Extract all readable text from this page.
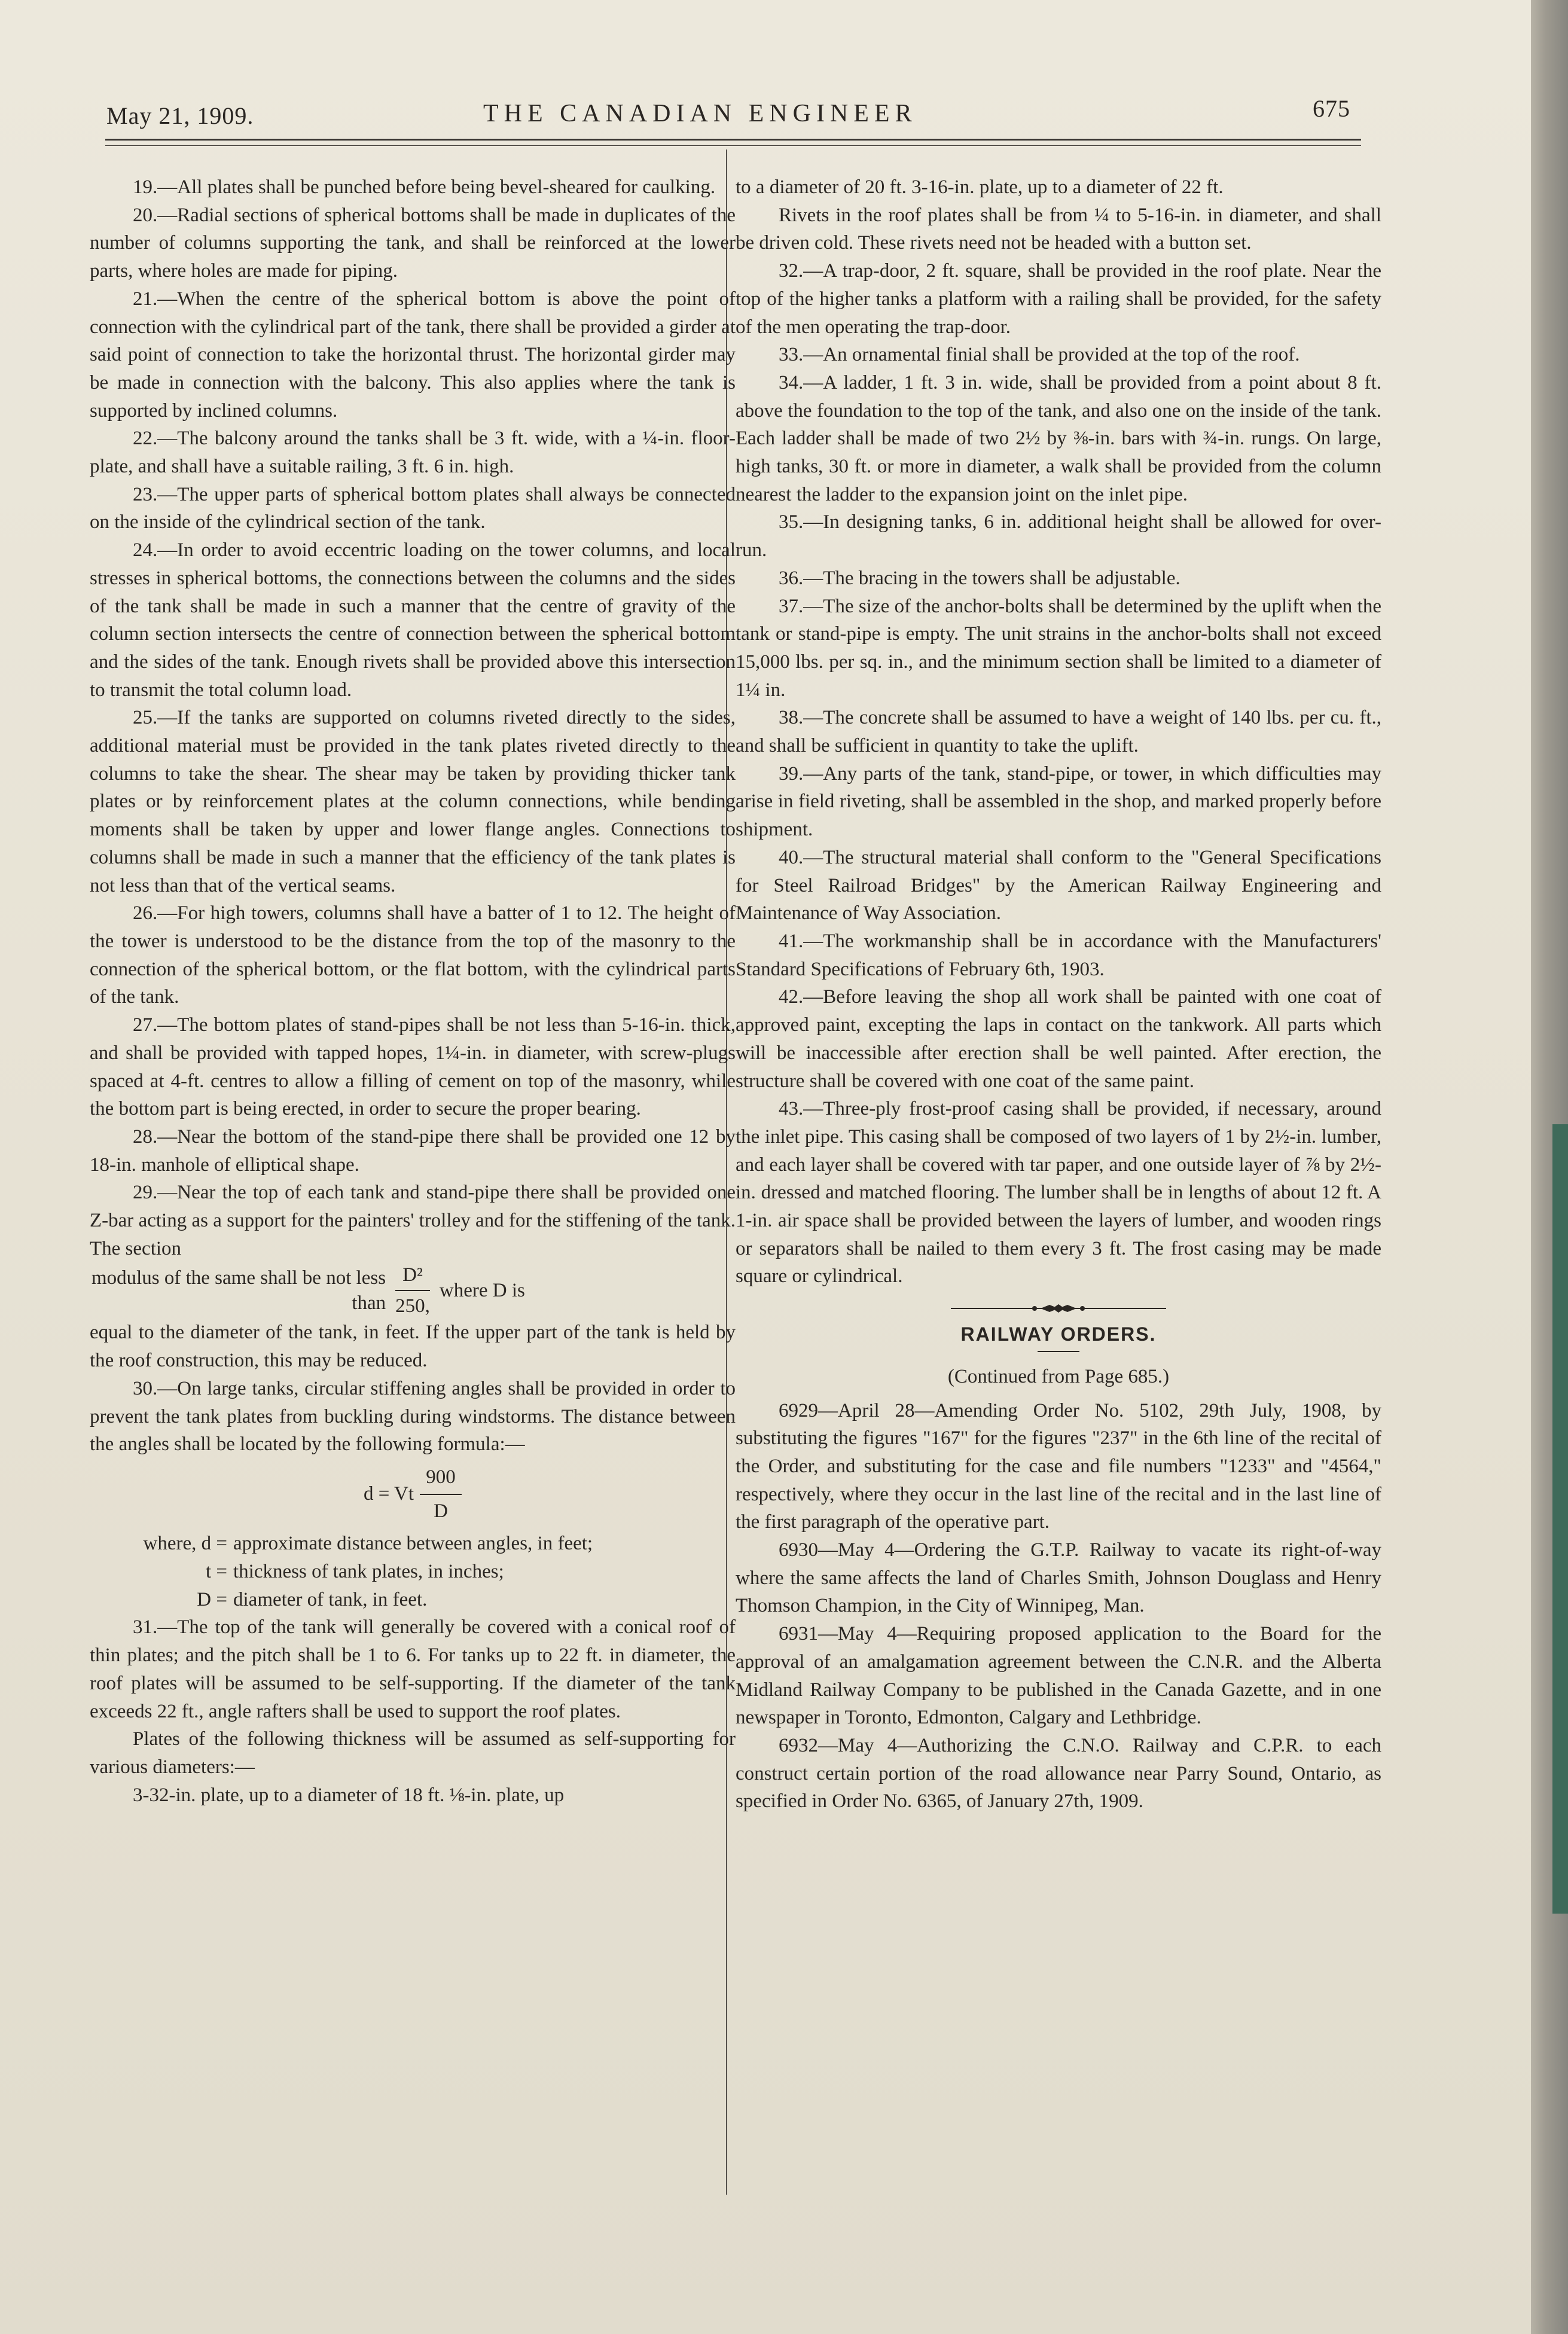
May 21, 1909.	THE CANADIAN ENGINEER	675

19.—All plates shall be punched before being bevel-sheared for caulking.

20.—Radial sections of spherical bottoms shall be made in duplicates of the number of columns supporting the tank, and shall be reinforced at the lower parts, where holes are made for piping.

21.—When the centre of the spherical bottom is above the point of connection with the cylindrical part of the tank, there shall be provided a girder at said point of connection to take the horizontal thrust. The horizontal girder may be made in connection with the balcony. This also applies where the tank is supported by inclined columns.

22.—The balcony around the tanks shall be 3 ft. wide, with a ¼-in. floor-plate, and shall have a suitable railing, 3 ft. 6 in. high.

23.—The upper parts of spherical bottom plates shall always be connected on the inside of the cylindrical section of the tank.

24.—In order to avoid eccentric loading on the tower columns, and local stresses in spherical bottoms, the connections between the columns and the sides of the tank shall be made in such a manner that the centre of gravity of the column section intersects the centre of connection between the spherical bottom and the sides of the tank. Enough rivets shall be provided above this intersection to transmit the total column load.

25.—If the tanks are supported on columns riveted directly to the sides, additional material must be provided in the tank plates riveted directly to the columns to take the shear. The shear may be taken by providing thicker tank plates or by reinforcement plates at the column connections, while bending moments shall be taken by upper and lower flange angles. Connections to columns shall be made in such a manner that the efficiency of the tank plates is not less than that of the vertical seams.

26.—For high towers, columns shall have a batter of 1 to 12. The height of the tower is understood to be the distance from the top of the masonry to the connection of the spherical bottom, or the flat bottom, with the cylindrical parts of the tank.

27.—The bottom plates of stand-pipes shall be not less than 5-16-in. thick, and shall be provided with tapped hopes, 1¼-in. in diameter, with screw-plugs spaced at 4-ft. centres to allow a filling of cement on top of the masonry, while the bottom part is being erected, in order to secure the proper bearing.

28.—Near the bottom of the stand-pipe there shall be provided one 12 by 18-in. manhole of elliptical shape.

29.—Near the top of each tank and stand-pipe there shall be provided one Z-bar acting as a support for the painters' trolley and for the stiffening of the tank. The section

modulus of the same shall be not less than $\frac{\text{D²}}{250,}$ where D is

equal to the diameter of the tank, in feet. If the upper part of the tank is held by the roof construction, this may be reduced.

30.—On large tanks, circular stiffening angles shall be provided in order to prevent the tank plates from buckling during windstorms. The distance between the angles shall be located by the following formula:—

d = Vt $\frac{900}{D}$
where, d = approximate distance between angles, in feet;
t = thickness of tank plates, in inches;
D = diameter of tank, in feet.

31.—The top of the tank will generally be covered with a conical roof of thin plates; and the pitch shall be 1 to 6. For tanks up to 22 ft. in diameter, the roof plates will be assumed to be self-supporting. If the diameter of the tank exceeds 22 ft., angle rafters shall be used to support the roof plates.

Plates of the following thickness will be assumed as self-supporting for various diameters:—

3-32-in. plate, up to a diameter of 18 ft. ⅛-in. plate, up

to a diameter of 20 ft. 3-16-in. plate, up to a diameter of 22 ft.

Rivets in the roof plates shall be from ¼ to 5-16-in. in diameter, and shall be driven cold. These rivets need not be headed with a button set.

32.—A trap-door, 2 ft. square, shall be provided in the roof plate. Near the top of the higher tanks a platform with a railing shall be provided, for the safety of the men operating the trap-door.

33.—An ornamental finial shall be provided at the top of the roof.

34.—A ladder, 1 ft. 3 in. wide, shall be provided from a point about 8 ft. above the foundation to the top of the tank, and also one on the inside of the tank. Each ladder shall be made of two 2½ by ⅜-in. bars with ¾-in. rungs. On large, high tanks, 30 ft. or more in diameter, a walk shall be provided from the column nearest the ladder to the expansion joint on the inlet pipe.

35.—In designing tanks, 6 in. additional height shall be allowed for over-run.

36.—The bracing in the towers shall be adjustable.

37.—The size of the anchor-bolts shall be determined by the uplift when the tank or stand-pipe is empty. The unit strains in the anchor-bolts shall not exceed 15,000 lbs. per sq. in., and the minimum section shall be limited to a diameter of 1¼ in.

38.—The concrete shall be assumed to have a weight of 140 lbs. per cu. ft., and shall be sufficient in quantity to take the uplift.

39.—Any parts of the tank, stand-pipe, or tower, in which difficulties may arise in field riveting, shall be assembled in the shop, and marked properly before shipment.

40.—The structural material shall conform to the "General Specifications for Steel Railroad Bridges" by the American Railway Engineering and Maintenance of Way Association.

41.—The workmanship shall be in accordance with the Manufacturers' Standard Specifications of February 6th, 1903.

42.—Before leaving the shop all work shall be painted with one coat of approved paint, excepting the laps in contact on the tankwork. All parts which will be inaccessible after erection shall be well painted. After erection, the structure shall be covered with one coat of the same paint.

43.—Three-ply frost-proof casing shall be provided, if necessary, around the inlet pipe. This casing shall be composed of two layers of 1 by 2½-in. lumber, and each layer shall be covered with tar paper, and one outside layer of ⅞ by 2½-in. dressed and matched flooring. The lumber shall be in lengths of about 12 ft. A 1-in. air space shall be provided between the layers of lumber, and wooden rings or separators shall be nailed to them every 3 ft. The frost casing may be made square or cylindrical.

RAILWAY ORDERS.
(Continued from Page 685.)

6929—April 28—Amending Order No. 5102, 29th July, 1908, by substituting the figures "167" for the figures "237" in the 6th line of the recital of the Order, and substituting for the case and file numbers "1233" and "4564," respectively, where they occur in the last line of the recital and in the last line of the first paragraph of the operative part.

6930—May 4—Ordering the G.T.P. Railway to vacate its right-of-way where the same affects the land of Charles Smith, Johnson Douglass and Henry Thomson Champion, in the City of Winnipeg, Man.

6931—May 4—Requiring proposed application to the Board for the approval of an amalgamation agreement between the C.N.R. and the Alberta Midland Railway Company to be published in the Canada Gazette, and in one newspaper in Toronto, Edmonton, Calgary and Lethbridge.

6932—May 4—Authorizing the C.N.O. Railway and C.P.R. to each construct certain portion of the road allowance near Parry Sound, Ontario, as specified in Order No. 6365, of January 27th, 1909.
